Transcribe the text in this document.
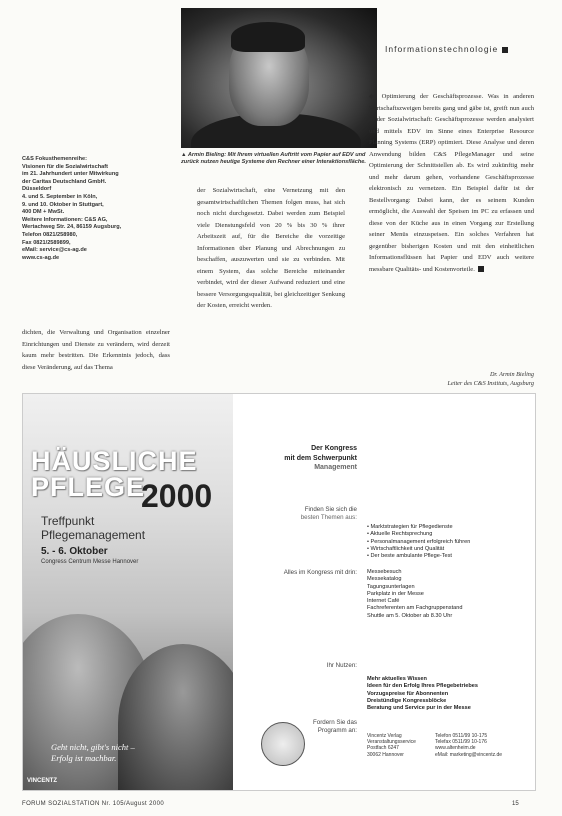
Informationstechnologie
▲ Armin Bieling: Mit Ihrem virtuellen Auftritt vom Papier auf EDV und zurück nutzen heutige Systeme den Rechner einer Interaktionsfläche.
C&S Fokusthemenreihe:
Visionen für die Sozialwirtschaft
im 21. Jahrhundert unter Mitwirkung
der Caritas Deutschland GmbH.
Düsseldorf
4. und 5. September in Köln,
9. und 10. Oktober in Stuttgart,
400 DM + MwSt.
Weitere Informationen: C&S AG,
Wertachweg Str. 24, 86159 Augsburg,
Telefon 0821/258980,
Fax 0821/2589899,
eMail: service@cs-ag.de
www.cs-ag.de
dichten, die Verwaltung und Organisation einzelner Einrichtungen und Dienste zu verändern, wird derzeit kaum mehr bestritten. Die Erkenntnis jedoch, dass diese Veränderung, auf das Thema
der Sozialwirtschaft, eine Vernetzung mit den gesamtwirtschaftlichen Themen folgen muss, hat sich noch nicht durchgesetzt. Dabei werden zum Beispiel viele Dienstungsfeld von 20 % bis 30 % ihrer Arbeitszeit auf, für die Bereiche die vorzeitige Informationen über Planung und Abrechnungen zu beschaffen, auszuwerten und sie zu verbinden. Mit einem System, das solche Bereiche miteinander verbindet, wird der dieser Aufwand reduziert und eine bessere Versorgungsqualität, bei gleichzeitiger Senkung der Kosten, erreicht werden.
◆ Optimierung der Geschäftsprozesse. Was in anderen Wirtschaftszweigen bereits gang und gäbe ist, greift nun auch in der Sozialwirtschaft: Geschäftsprozesse werden analysiert und mittels EDV im Sinne eines Enterprise Resource Planning Systems (ERP) optimiert. Diese Analyse und deren Anwendung bilden C&S PflegeManager und seine Optimierung der Schnittstellen ab. Es wird zukünftig mehr und mehr darum gehen, vorhandene Geschäftsprozesse elektronisch zu vernetzen. Ein Beispiel dafür ist der Bestellvorgang: Dabei kann, der es seinem Kunden ermöglicht, die Auswahl der Speisen im PC zu erfassen und diese von der Küche aus in einen Vorgang zur Erstellung seiner Menüs einzuspeisen. Ein solches Verfahren hat gegenüber bisherigen Kosten und mit den einheitlichen Informationsflüssen hat Papier und EDV auch weitere messbare Qualitäts- und Kostenvorteile.
Dr. Armin Bieling
Leiter des C&S Instituts, Augsburg
HÄUSLICHE
PFLEGE
2000
Treffpunkt
Pflegemanagement
5. - 6. Oktober
Congress Centrum Messe Hannover
Geht nicht, gibt's nicht –
Erfolg ist machbar.
VINCENTZ
Der Kongress
mit dem Schwerpunkt
Management
Finden Sie sich die
besten Themen aus:
• Marktstrategien für Pflegedienste
• Aktuelle Rechtsprechung
• Personalmanagement erfolgreich führen
• Wirtschaftlichkeit und Qualität
• Der beste ambulante Pflege-Test
Alles im Kongress mit drin: Messebesuch
Messekatalog
Tagungsunterlagen
Parkplatz in der Messe
Internet Café
Fachreferenten am Fachgruppenstand
Shuttle am 5. Oktober ab 8.30 Uhr
Ihr Nutzen:
Mehr aktuelles Wissen
Ideen für den Erfolg Ihres Pflegebetriebes
Vorzugspreise für Abonnenten
Dreistündige Kongressblöcke
Beratung und Service pur in der Messe
Fordern Sie das
Programm an:
Vincentz Verlag
Veranstaltungsservice
Postfach 6247
30062 Hannover
Telefon 0511/99 10-175
Telefax 0511/99 10-176
www.altenheim.de
eMail: marketing@vincentz.de
FORUM SOZIALSTATION Nr. 105/August 2000	15
